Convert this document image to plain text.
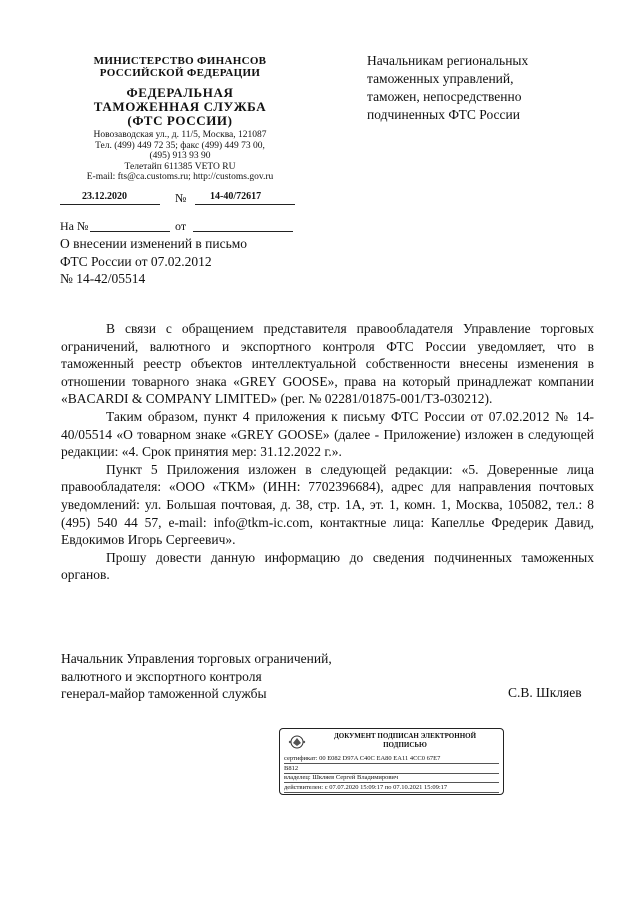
МИНИСТЕРСТВО ФИНАНСОВ
РОССИЙСКОЙ ФЕДЕРАЦИИ
ФЕДЕРАЛЬНАЯ
ТАМОЖЕННАЯ СЛУЖБА
(ФТС РОССИИ)
Новозаводская ул., д. 11/5, Москва, 121087
Тел. (499) 449 72 35; факс (499) 449 73 00,
(495) 913 93 90
Телетайп 611385 VETO RU
E-mail: fts@ca.customs.ru; http://customs.gov.ru
23.12.2020	№ 14-40/72617
На №	от
О внесении изменений в письмо
ФТС России от 07.02.2012
№ 14-42/05514
Начальникам региональных
таможенных управлений,
таможен, непосредственно
подчиненных ФТС России

В связи с обращением представителя правообладателя Управление торговых ограничений, валютного и экспортного контроля ФТС России уведомляет, что в таможенный реестр объектов интеллектуальной собственности внесены изменения в отношении товарного знака «GREY GOOSE», права на который принадлежат компании «BACARDI & COMPANY LIMITED» (рег. № 02281/01875-001/ТЗ-030212).

Таким образом, пункт 4 приложения к письму ФТС России от 07.02.2012 № 14-40/05514 «О товарном знаке «GREY GOOSE» (далее - Приложение) изложен в следующей редакции: «4. Срок принятия мер: 31.12.2022 г.».

Пункт 5 Приложения изложен в следующей редакции: «5. Доверенные лица правообладателя: «ООО «ТКМ» (ИНН: 7702396684), адрес для направления почтовых уведомлений: ул. Большая почтовая, д. 38, стр. 1А, эт. 1, комн. 1, Москва, 105082, тел.: 8 (495) 540 44 57, e-mail: info@tkm-ic.com, контактные лица: Капеллье Фредерик Давид, Евдокимов Игорь Сергеевич».

Прошу довести данную информацию до сведения подчиненных таможенных органов.

Начальник Управления торговых ограничений,
валютного и экспортного контроля
генерал-майор таможенной службы	С.В. Шкляев
ДОКУМЕНТ ПОДПИСАН ЭЛЕКТРОННОЙ
ПОДПИСЬЮ
сертификат: 00 E082 D97A C40C EA80 EA11 4CC0 67E7
B812
владелец: Шкляев Сергей Владимирович
действителен: с 07.07.2020 15:09:17 по 07.10.2021 15:09:17
